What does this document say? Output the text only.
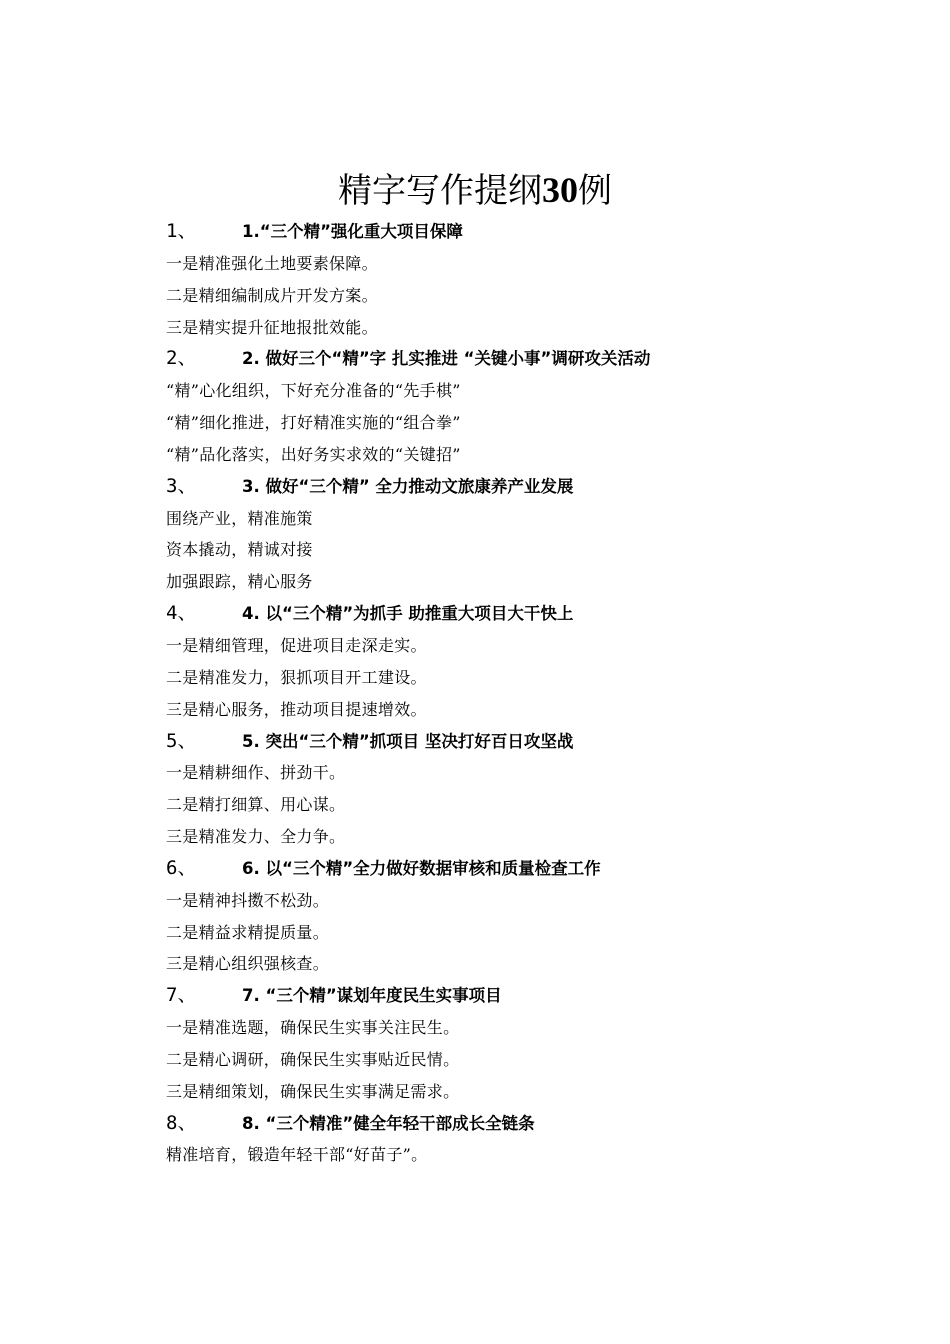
精字写作提纲30例
1、	1.“三个精”强化重大项目保障
一是精准强化土地要素保障。
二是精细编制成片开发方案。
三是精实提升征地报批效能。
2、	2. 做好三个“精”字 扎实推进 “关键小事”调研攻关活动
“精”心化组织，下好充分准备的“先手棋”
“精”细化推进，打好精准实施的“组合拳”
“精”品化落实，出好务实求效的“关键招”
3、	3. 做好“三个精” 全力推动文旅康养产业发展
围绕产业，精准施策
资本撬动，精诚对接
加强跟踪，精心服务
4、	4. 以“三个精”为抓手 助推重大项目大干快上
一是精细管理，促进项目走深走实。
二是精准发力，狠抓项目开工建设。
三是精心服务，推动项目提速增效。
5、	5. 突出“三个精”抓项目 坚决打好百日攻坚战
一是精耕细作、拼劲干。
二是精打细算、用心谋。
三是精准发力、全力争。
6、	6. 以“三个精”全力做好数据审核和质量检查工作
一是精神抖擞不松劲。
二是精益求精提质量。
三是精心组织强核查。
7、	7. “三个精”谋划年度民生实事项目
一是精准选题，确保民生实事关注民生。
二是精心调研，确保民生实事贴近民情。
三是精细策划，确保民生实事满足需求。
8、	8. “三个精准”健全年轻干部成长全链条
精准培育，锻造年轻干部“好苗子”。
